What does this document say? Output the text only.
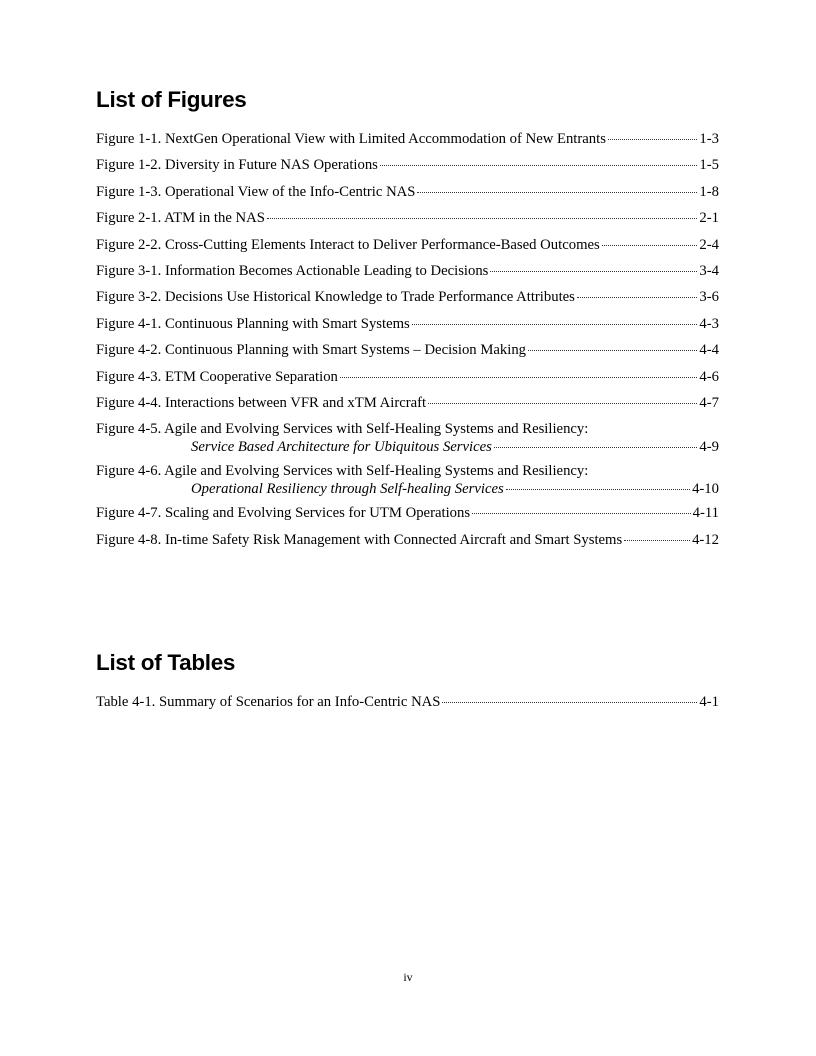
List of Figures
Figure 1-1. NextGen Operational View with Limited Accommodation of New Entrants	1-3
Figure 1-2. Diversity in Future NAS Operations	1-5
Figure 1-3. Operational View of the Info-Centric NAS	1-8
Figure 2-1. ATM in the NAS	2-1
Figure 2-2. Cross-Cutting Elements Interact to Deliver Performance-Based Outcomes	2-4
Figure 3-1. Information Becomes Actionable Leading to Decisions	3-4
Figure 3-2. Decisions Use Historical Knowledge to Trade Performance Attributes	3-6
Figure 4-1. Continuous Planning with Smart Systems	4-3
Figure 4-2. Continuous Planning with Smart Systems – Decision Making	4-4
Figure 4-3. ETM Cooperative Separation	4-6
Figure 4-4. Interactions between VFR and xTM Aircraft	4-7
Figure 4-5. Agile and Evolving Services with Self-Healing Systems and Resiliency:
Service Based Architecture for Ubiquitous Services	4-9
Figure 4-6. Agile and Evolving Services with Self-Healing Systems and Resiliency:
Operational Resiliency through Self-healing Services	4-10
Figure 4-7. Scaling and Evolving Services for UTM Operations	4-11
Figure 4-8. In-time Safety Risk Management with Connected Aircraft and Smart Systems	4-12
List of Tables
Table 4-1. Summary of Scenarios for an Info-Centric NAS	4-1
iv
